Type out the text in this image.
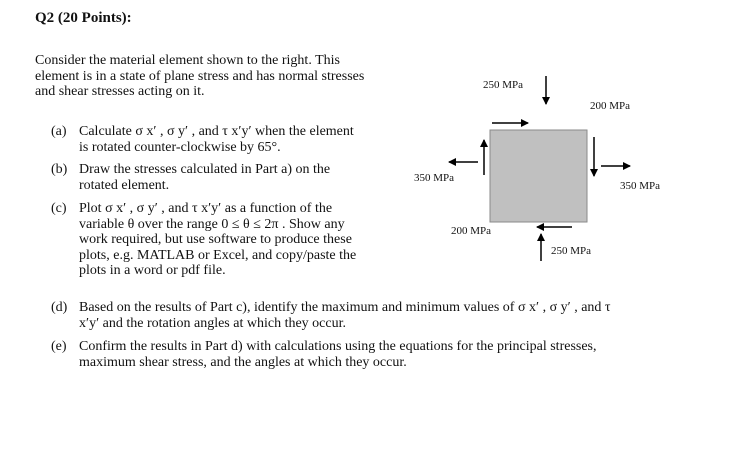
Q2 (20 Points):
Consider the material element shown to the right. This
element is in a state of plane stress and has normal stresses
and shear stresses acting on it.
(a) Calculate σ x′ , σ y′ , and τ x′y′ when the element
is rotated counter-clockwise by 65°.
(b) Draw the stresses calculated in Part a) on the
rotated element.
(c) Plot σ x′ , σ y′ , and τ x′y′ as a function of the
variable θ over the range 0 ≤ θ ≤ 2π . Show any
work required, but use software to produce these
plots, e.g. MATLAB or Excel, and copy/paste the
plots in a word or pdf file.
(d) Based on the results of Part c), identify the maximum and minimum values of σ x′ , σ y′ , and τ
x′y′ and the rotation angles at which they occur.
(e) Confirm the results in Part d) with calculations using the equations for the principal stresses,
maximum shear stress, and the angles at which they occur.
250 MPa
200 MPa
350 MPa
350 MPa
200 MPa
250 MPa
